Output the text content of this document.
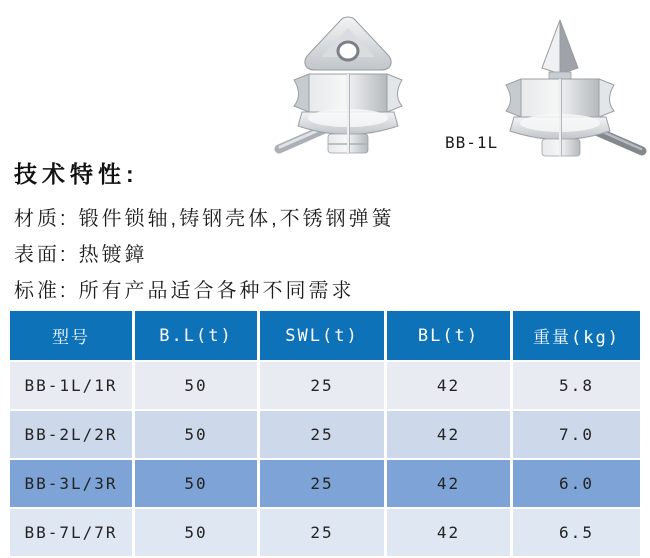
BB-1L
技术特性:
材质: 锻件锁轴,铸钢壳体,不锈钢弹簧
表面: 热镀鏱
标准: 所有产品适合各种不同需求
型号	B.L(t)	SWL(t)	BL(t)	重量(kg)
BB-1L/1R	50	25	42	5.8
BB-2L/2R	50	25	42	7.0
BB-3L/3R	50	25	42	6.0
BB-7L/7R	50	25	42	6.5
